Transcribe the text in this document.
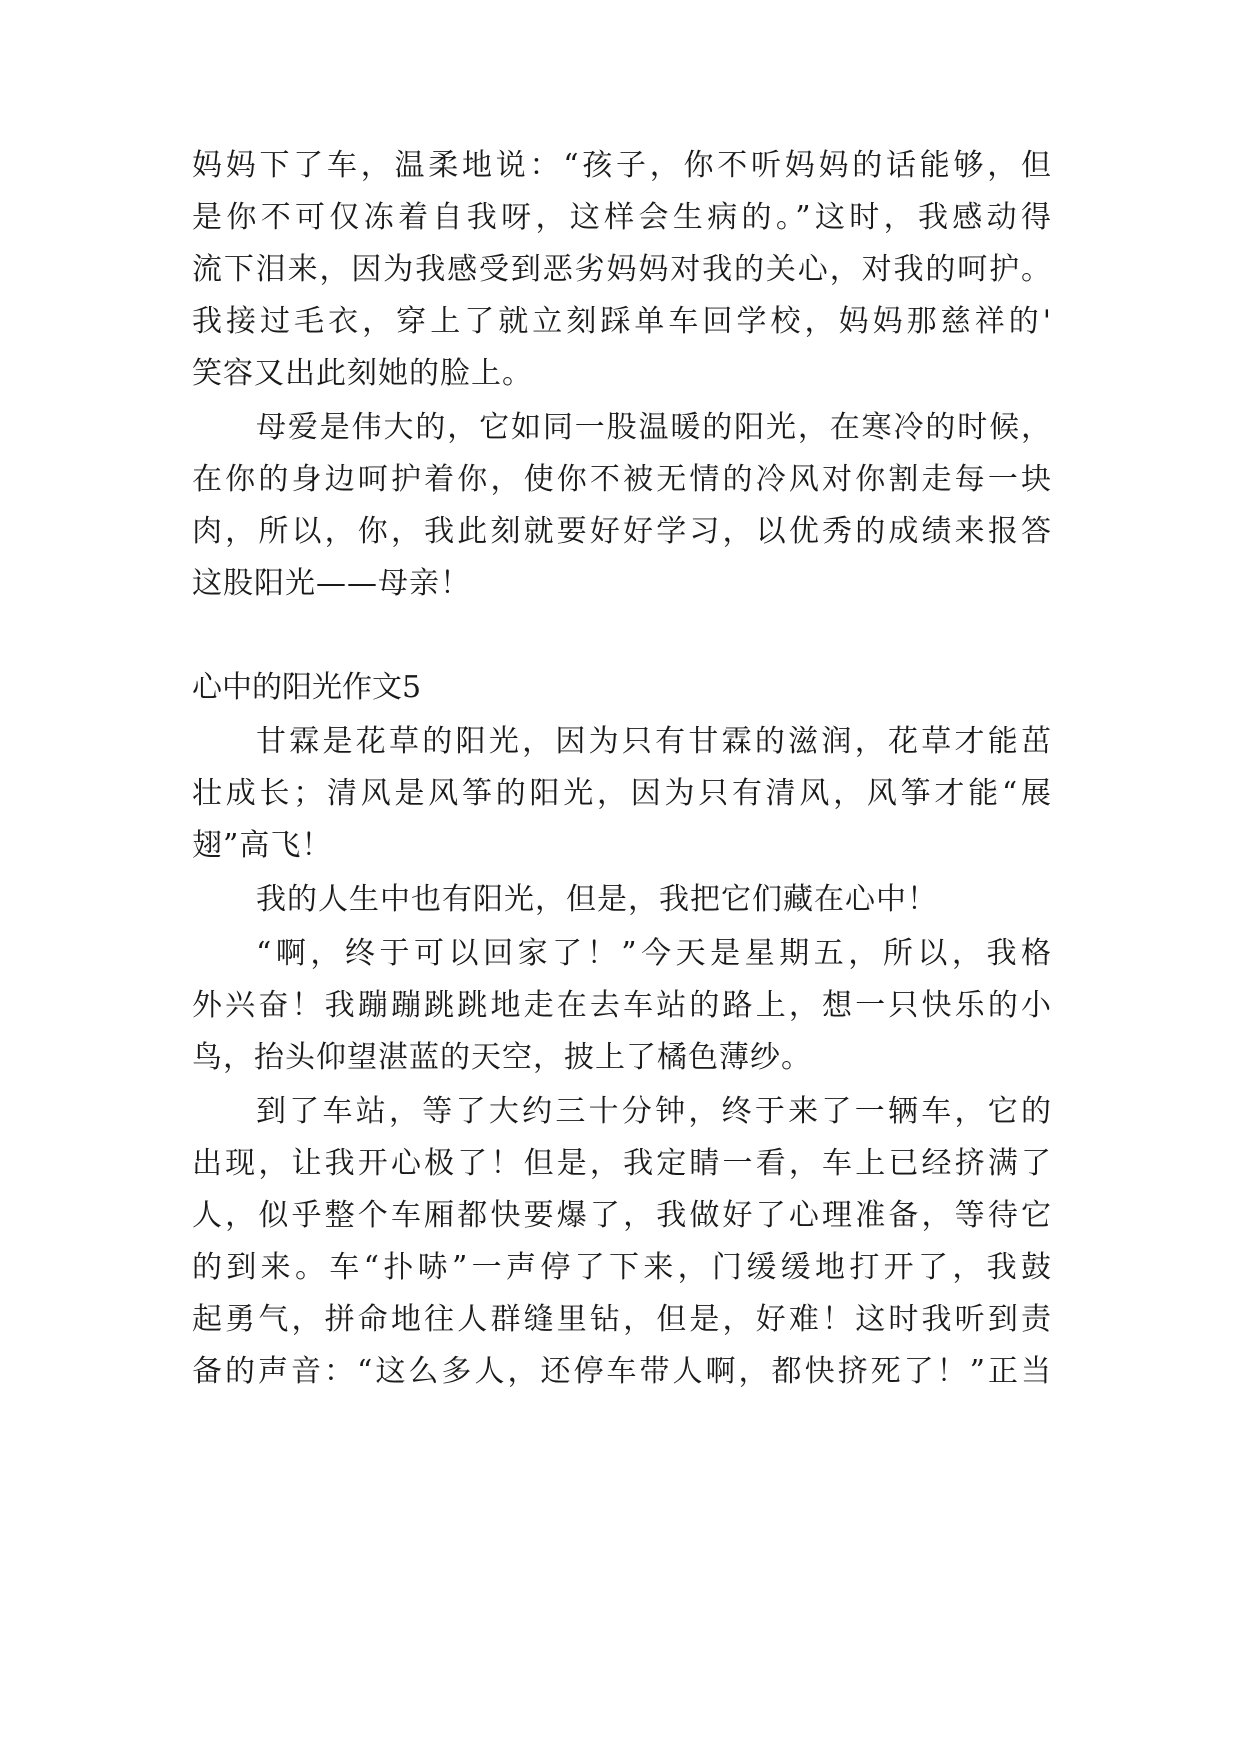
妈妈下了车，温柔地说：“孩子，你不听妈妈的话能够，但
是你不可仅冻着自我呀，这样会生病的。”这时，我感动得
流下泪来，因为我感受到恶劣妈妈对我的关心，对我的呵护。
我接过毛衣，穿上了就立刻踩单车回学校，妈妈那慈祥的'
笑容又出此刻她的脸上。
母爱是伟大的，它如同一股温暖的阳光，在寒冷的时候，
在你的身边呵护着你，使你不被无情的冷风对你割走每一块
肉，所以，你，我此刻就要好好学习，以优秀的成绩来报答
这股阳光——母亲！
心中的阳光作文5
甘霖是花草的阳光，因为只有甘霖的滋润，花草才能茁
壮成长；清风是风筝的阳光，因为只有清风，风筝才能“展
翅”高飞！
我的人生中也有阳光，但是，我把它们藏在心中！
“啊，终于可以回家了！”今天是星期五，所以，我格
外兴奋！我蹦蹦跳跳地走在去车站的路上，想一只快乐的小
鸟，抬头仰望湛蓝的天空，披上了橘色薄纱。
到了车站，等了大约三十分钟，终于来了一辆车，它的
出现，让我开心极了！但是，我定睛一看，车上已经挤满了
人，似乎整个车厢都快要爆了，我做好了心理准备，等待它
的到来。车“扑哧”一声停了下来，门缓缓地打开了，我鼓
起勇气，拼命地往人群缝里钻，但是，好难！这时我听到责
备的声音：“这么多人，还停车带人啊，都快挤死了！”正当
